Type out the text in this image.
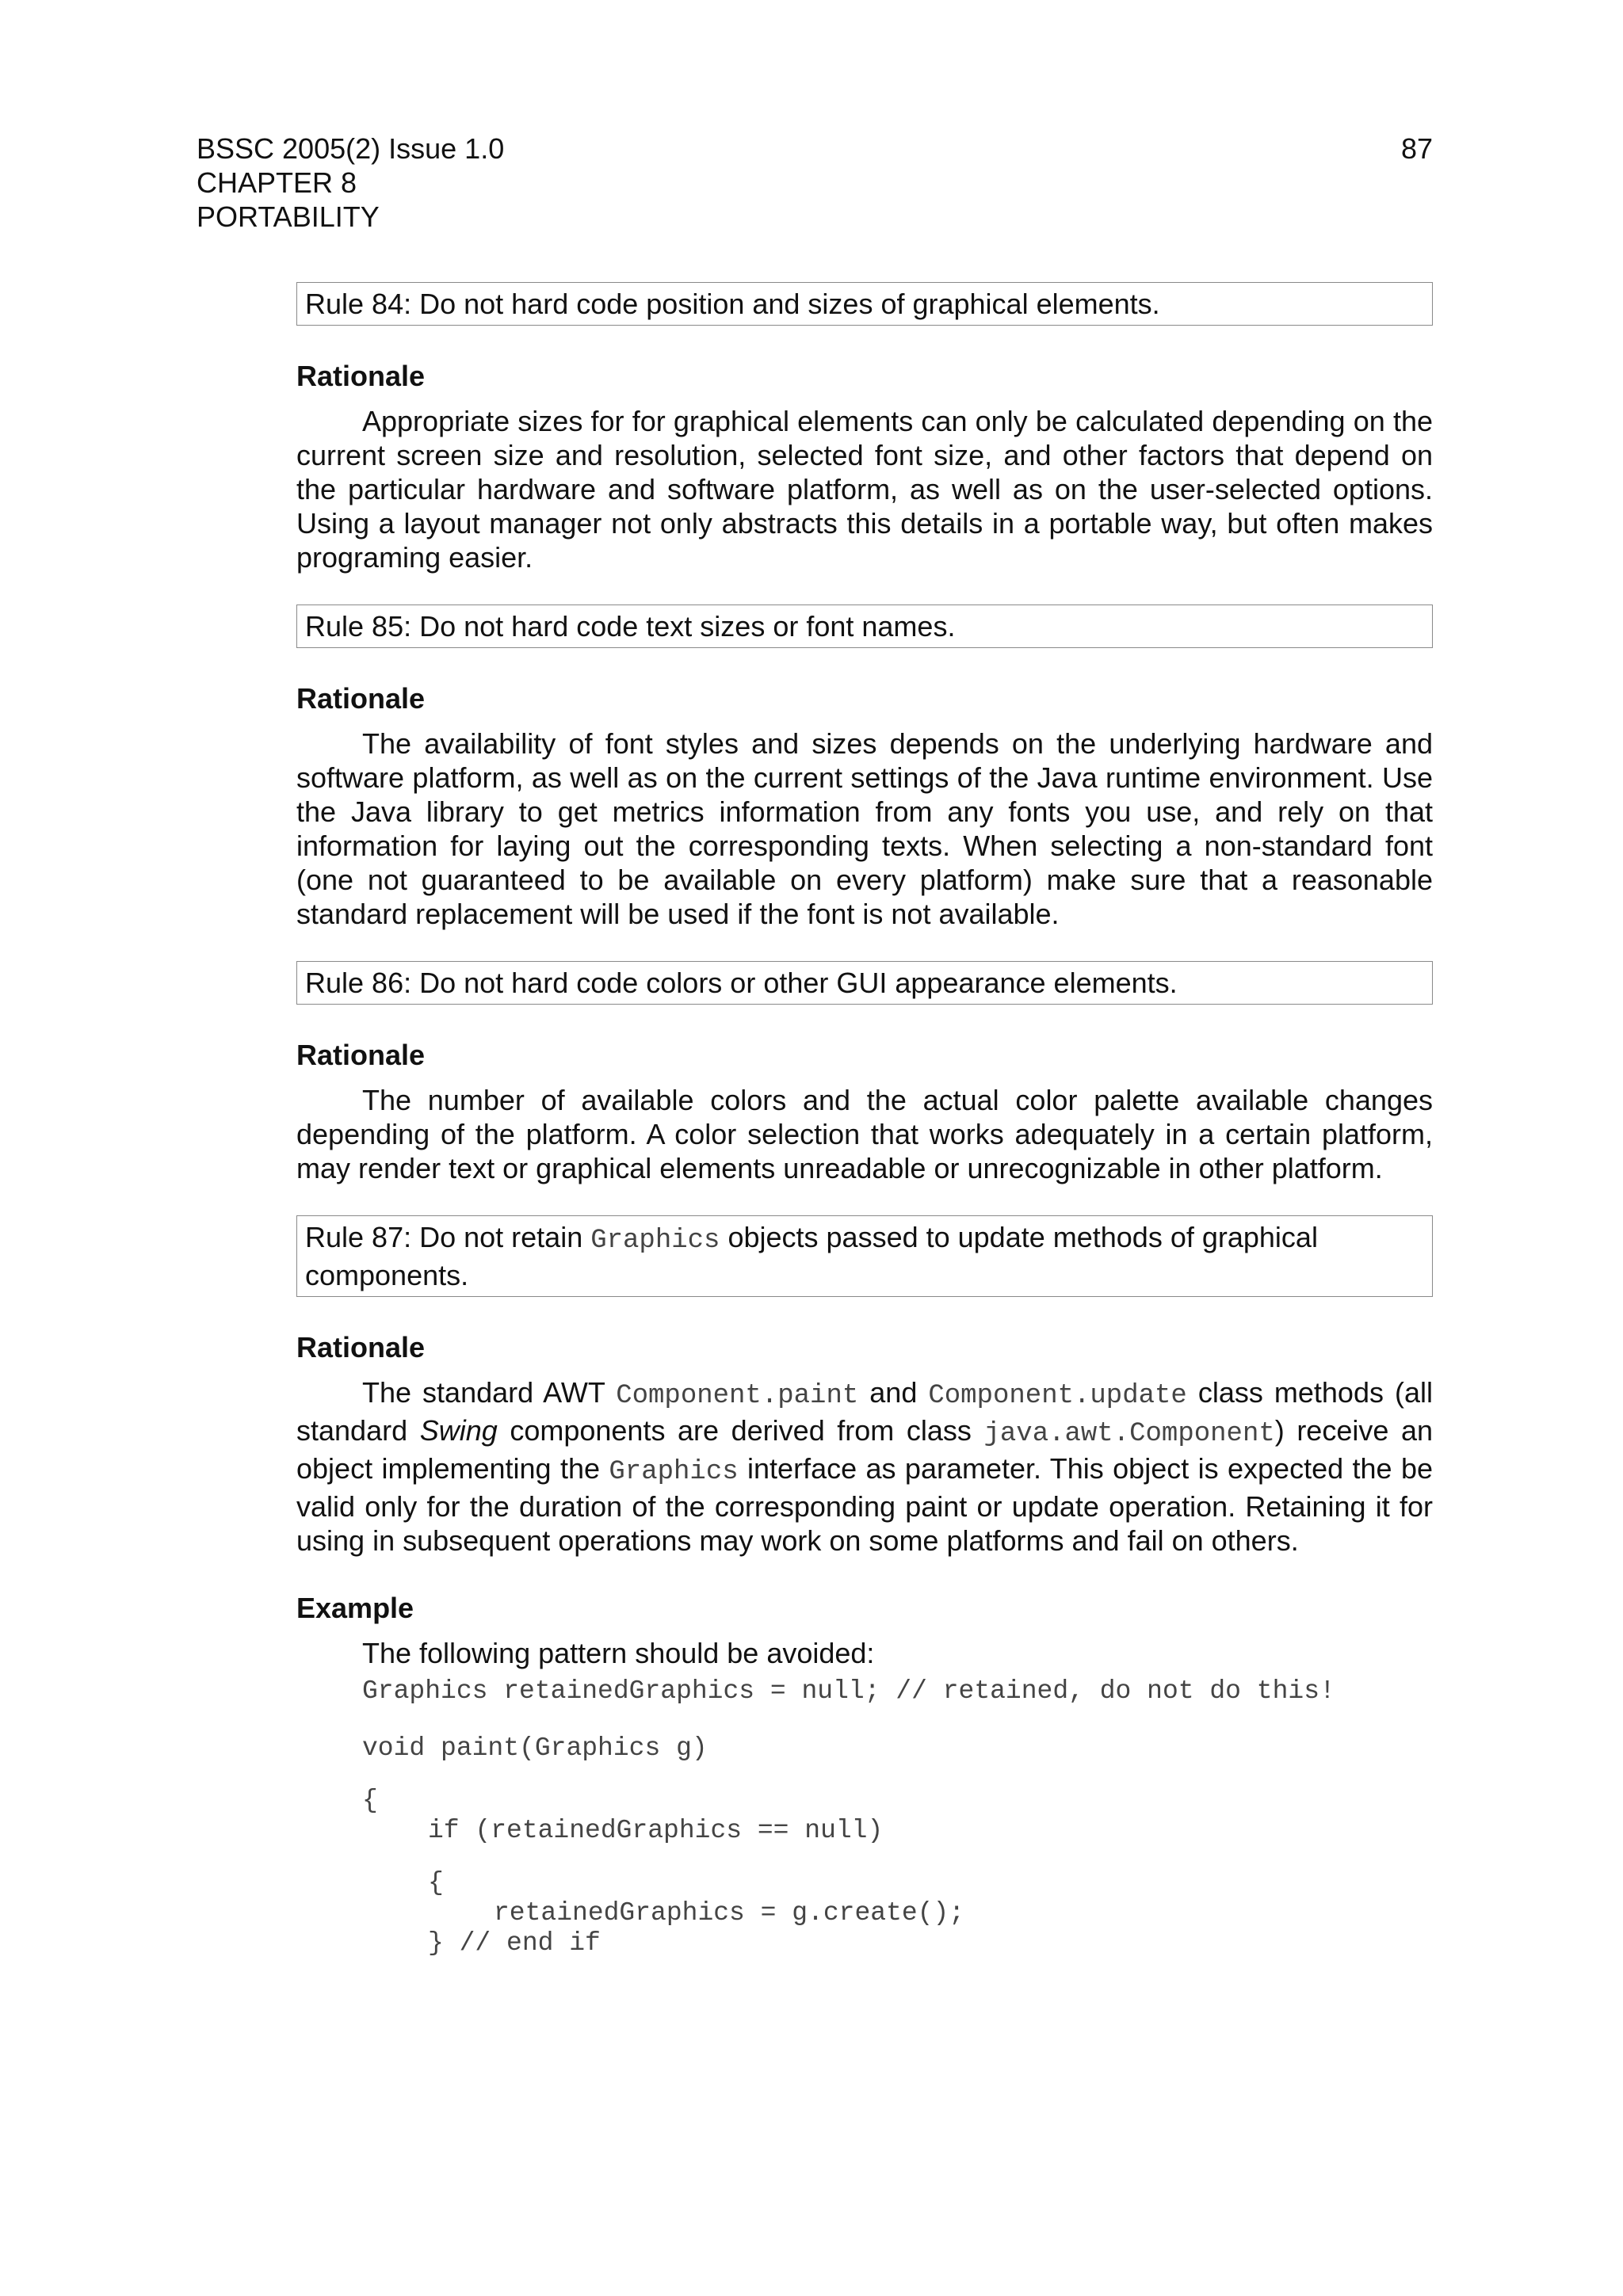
BSSC 2005(2) Issue 1.0
CHAPTER 8
PORTABILITY
87
Rule 84: Do not hard code position and sizes of graphical elements.
Rationale

Appropriate sizes for for graphical elements can only be calculated depending on the current screen size and resolution, selected font size, and other factors that depend on the particular hardware and software platform, as well as on the user-selected options. Using a layout manager not only abstracts this details in a portable way, but often makes programing easier.

Rule 85: Do not hard code text sizes or font names.
Rationale

The availability of font styles and sizes depends on the underlying hardware and software platform, as well as on the current settings of the Java runtime environment. Use the Java library to get metrics information from any fonts you use, and rely on that information for laying out the corresponding texts. When selecting a non-standard font (one not guaranteed to be available on every platform) make sure that a reasonable standard replacement will be used if the font is not available.

Rule 86: Do not hard code colors or other GUI appearance elements.
Rationale

The number of available colors and the actual color palette available changes depending of the platform. A color selection that works adequately in a certain platform, may render text or graphical elements unreadable or unrecognizable in other platform.

Rule 87: Do not retain Graphics objects passed to update methods of graphical components.
Rationale

The standard AWT Component.paint and Component.update class methods (all standard Swing components are derived from class java.awt.Component) receive an object implementing the Graphics interface as parameter. This object is expected the be valid only for the duration of the corresponding paint or update operation. Retaining it for using in subsequent operations may work on some platforms and fail on others.

Example

The following pattern should be avoided:

Graphics retainedGraphics = null; // retained, do not do this!
void paint(Graphics g)
{
if (retainedGraphics == null)
{
retainedGraphics = g.create();
} // end if
